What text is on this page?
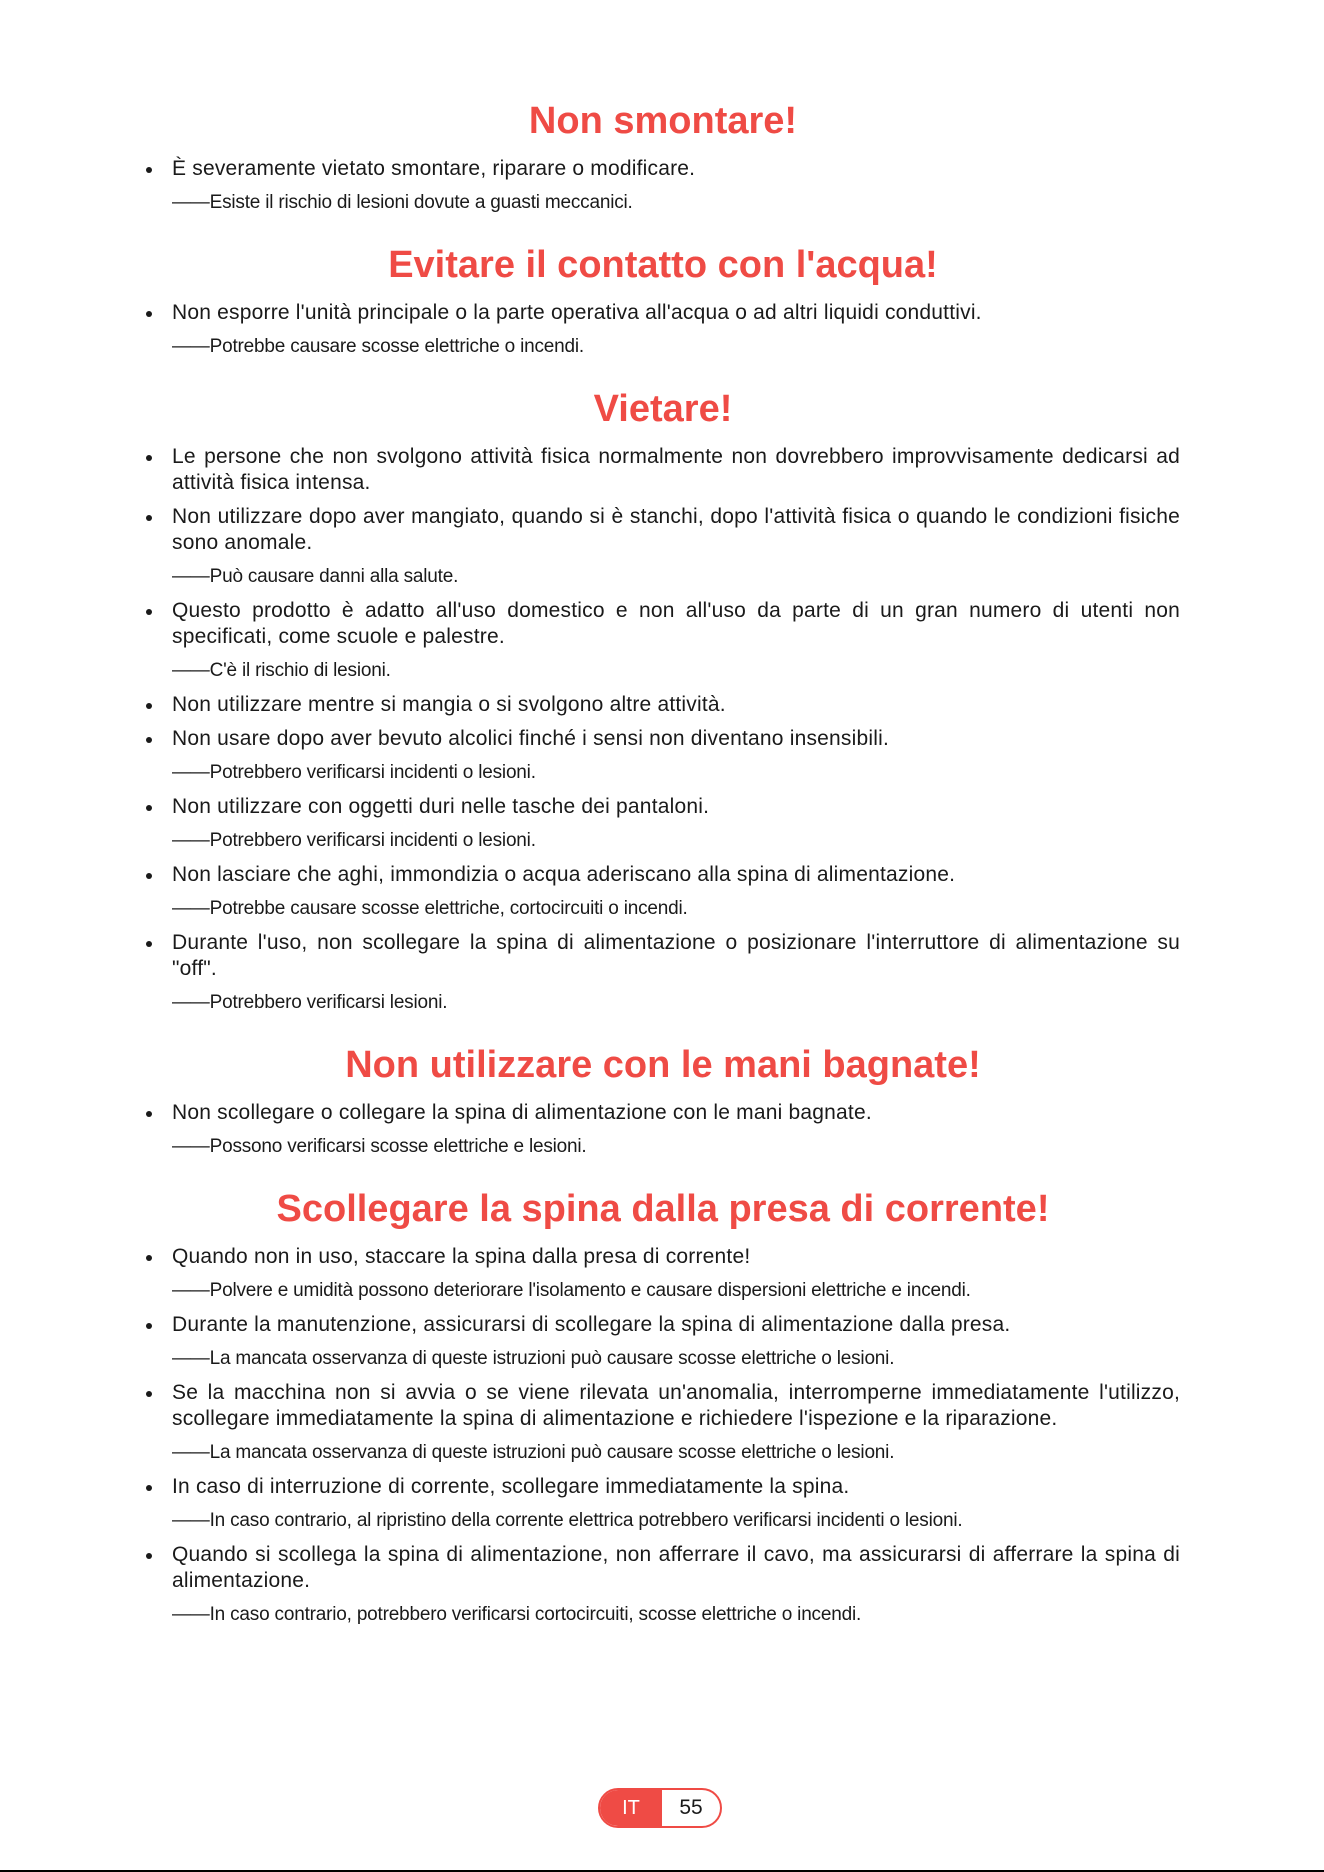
Non smontare!
È severamente vietato smontare, riparare o modificare.
——Esiste il rischio di lesioni dovute a guasti meccanici.
Evitare il contatto con l'acqua!
Non esporre l'unità principale o la parte operativa all'acqua o ad altri liquidi conduttivi.
——Potrebbe causare scosse elettriche o incendi.
Vietare!
Le persone che non svolgono attività fisica normalmente non dovrebbero improvvisamente dedicarsi ad attività fisica intensa.
Non utilizzare dopo aver mangiato, quando si è stanchi, dopo l'attività fisica o quando le condizioni fisiche sono anomale.
——Può causare danni alla salute.
Questo prodotto è adatto all'uso domestico e non all'uso da parte di un gran numero di utenti non specificati, come scuole e palestre.
——C'è il rischio di lesioni.
Non utilizzare mentre si mangia o si svolgono altre attività.
Non usare dopo aver bevuto alcolici finché i sensi non diventano insensibili.
——Potrebbero verificarsi incidenti o lesioni.
Non utilizzare con oggetti duri nelle tasche dei pantaloni.
——Potrebbero verificarsi incidenti o lesioni.
Non lasciare che aghi, immondizia o acqua aderiscano alla spina di alimentazione.
——Potrebbe causare scosse elettriche, cortocircuiti o incendi.
Durante l'uso, non scollegare la spina di alimentazione o posizionare l'interruttore di alimentazione su "off".
——Potrebbero verificarsi lesioni.
Non utilizzare con le mani bagnate!
Non scollegare o collegare la spina di alimentazione con le mani bagnate.
——Possono verificarsi scosse elettriche e lesioni.
Scollegare la spina dalla presa di corrente!
Quando non in uso, staccare la spina dalla presa di corrente!
——Polvere e umidità possono deteriorare l'isolamento e causare dispersioni elettriche e incendi.
Durante la manutenzione, assicurarsi di scollegare la spina di alimentazione dalla presa.
——La mancata osservanza di queste istruzioni può causare scosse elettriche o lesioni.
Se la macchina non si avvia o se viene rilevata un'anomalia, interromperne immediatamente l'utilizzo, scollegare immediatamente la spina di alimentazione e richiedere l'ispezione e la riparazione.
——La mancata osservanza di queste istruzioni può causare scosse elettriche o lesioni.
In caso di interruzione di corrente, scollegare immediatamente la spina.
——In caso contrario, al ripristino della corrente elettrica potrebbero verificarsi incidenti o lesioni.
Quando si scollega la spina di alimentazione, non afferrare il cavo, ma assicurarsi di afferrare la spina di alimentazione.
——In caso contrario, potrebbero verificarsi cortocircuiti, scosse elettriche o incendi.
IT	55
